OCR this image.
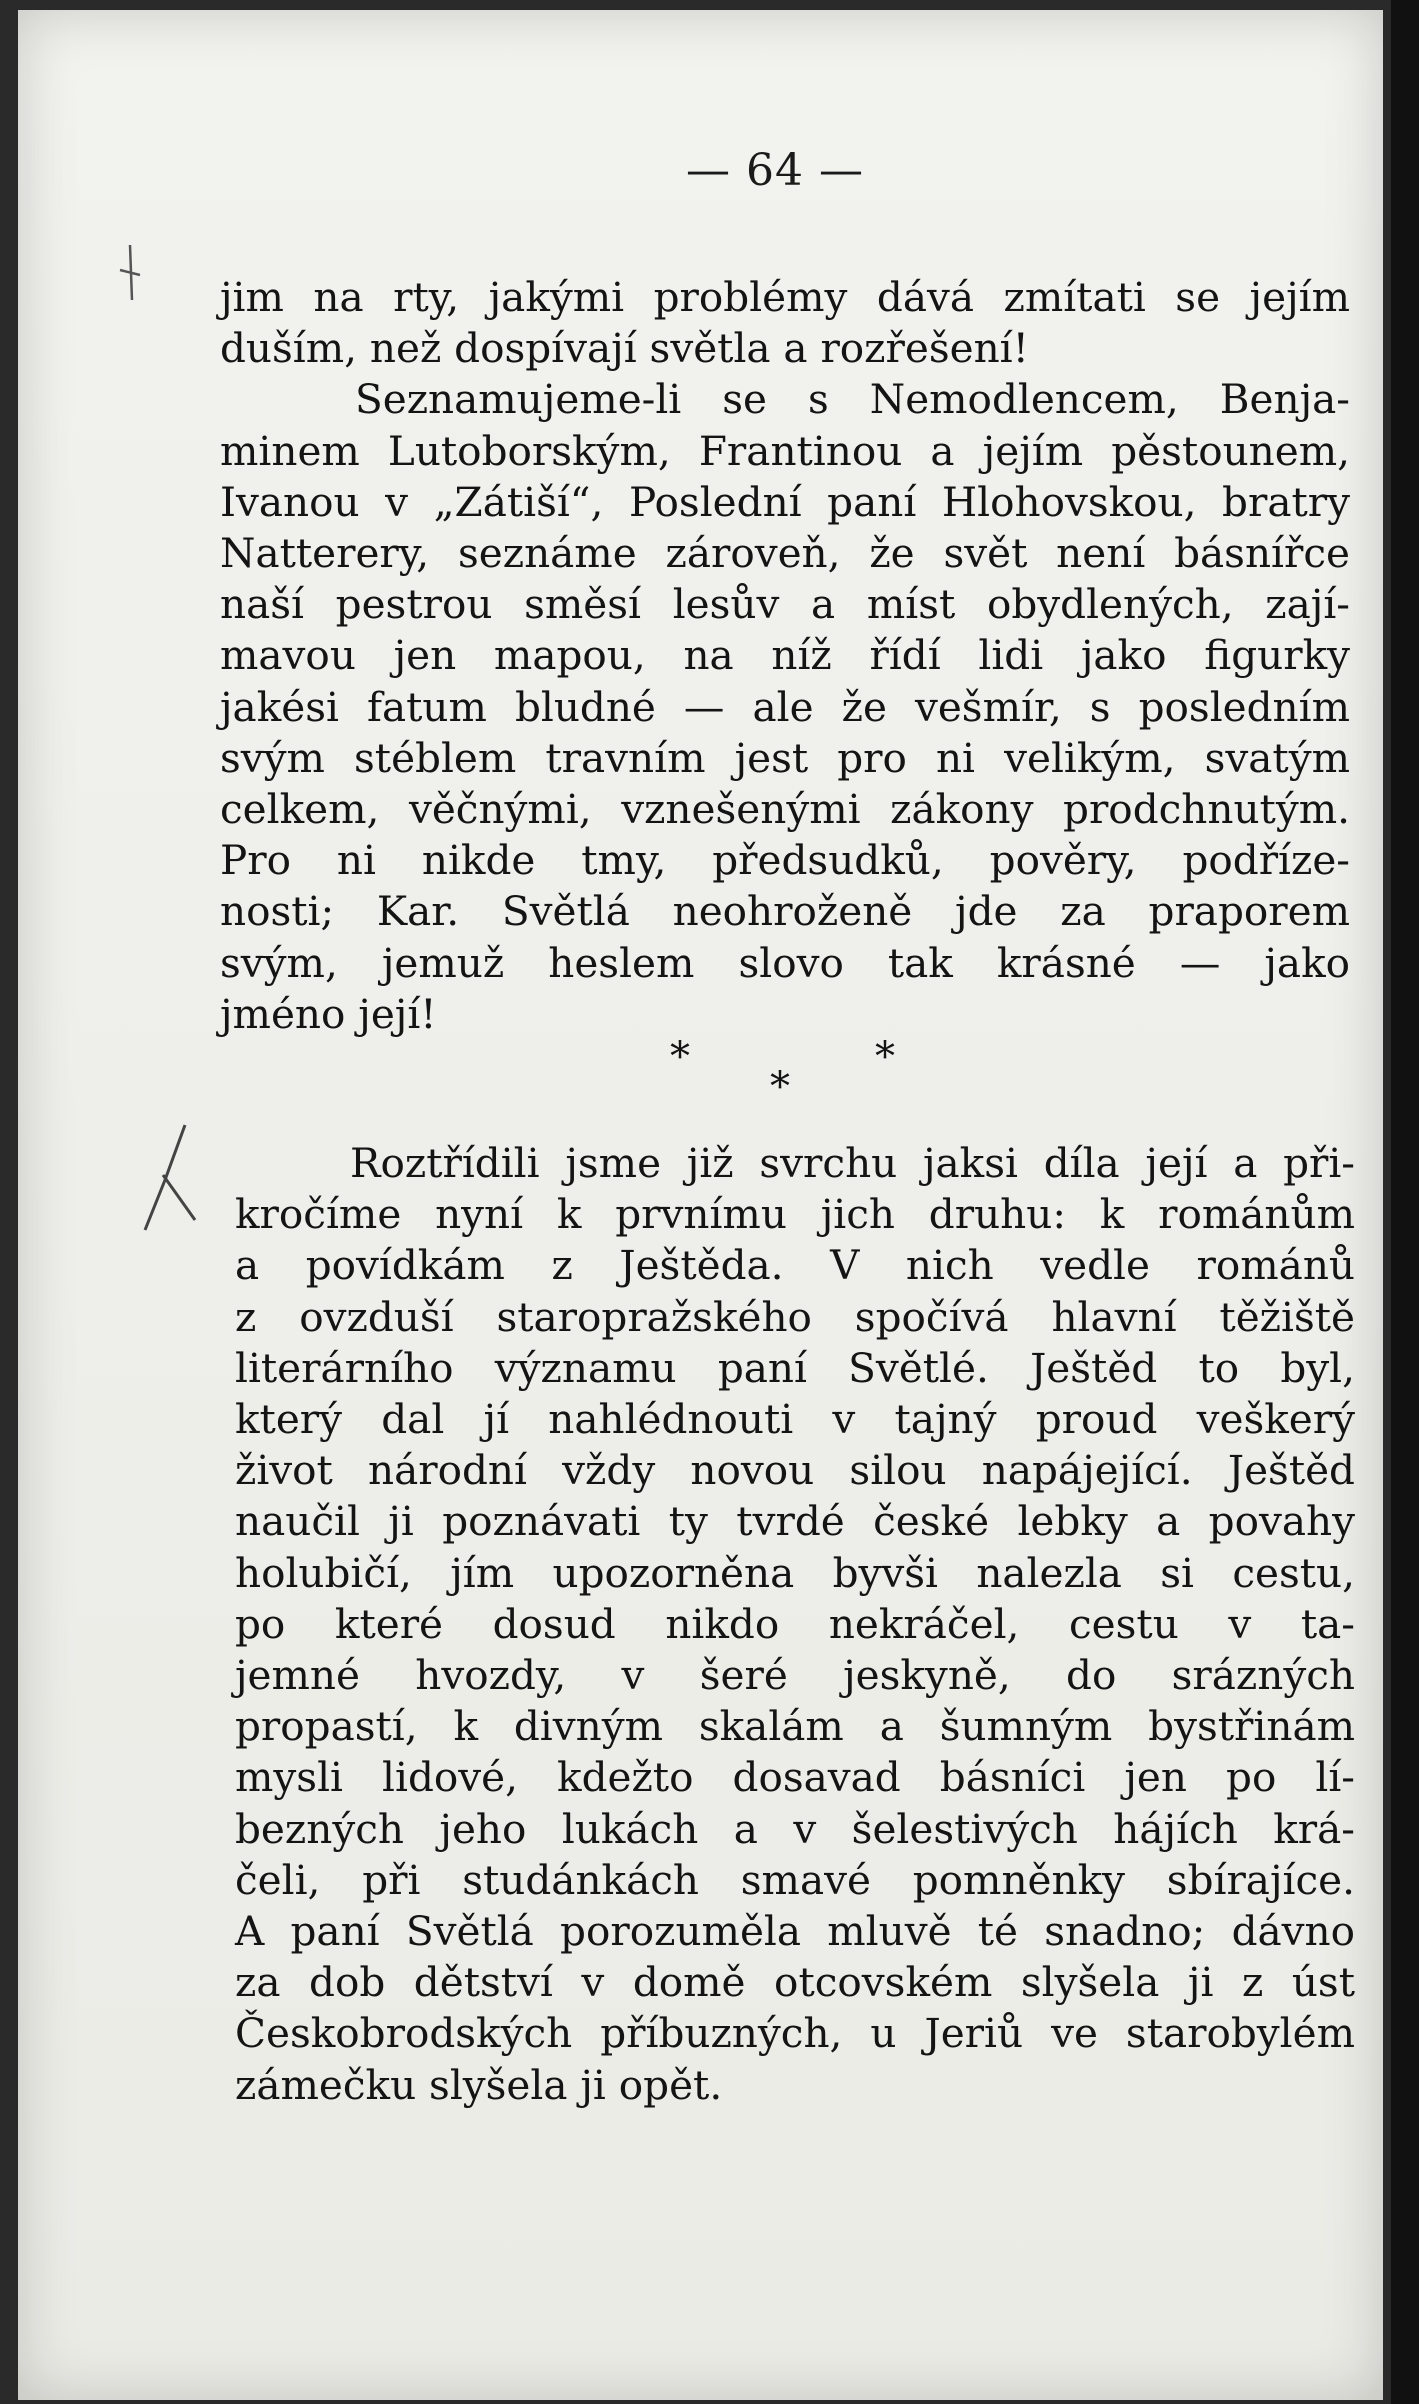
— 64 —
jim na rty, jakými problémy dává zmítati se jejím
duším, než dospívají světla a rozřešení!
Seznamujeme-li se s Nemodlencem, Benja-
minem Lutoborským, Frantinou a jejím pěstounem,
Ivanou v „Zátiší“, Poslední paní Hlohovskou, bratry
Natterery, seznáme zároveň, že svět není básnířce
naší pestrou směsí lesův a míst obydlených, zají-
mavou jen mapou, na níž řídí lidi jako figurky
jakési fatum bludné — ale že vešmír, s posledním
svým stéblem travním jest pro ni velikým, svatým
celkem, věčnými, vznešenými zákony prodchnutým.
Pro ni nikde tmy, předsudků, pověry, podříze-
nosti; Kar. Světlá neohroženě jde za praporem
svým, jemuž heslem slovo tak krásné — jako
jméno její!
*
*
*
Roztřídili jsme již svrchu jaksi díla její a při-
kročíme nyní k prvnímu jich druhu: k románům
a povídkám z Ještěda. V nich vedle románů
z ovzduší staropražského spočívá hlavní těžiště
literárního významu paní Světlé. Ještěd to byl,
který dal jí nahlédnouti v tajný proud veškerý
život národní vždy novou silou napájející. Ještěd
naučil ji poznávati ty tvrdé české lebky a povahy
holubičí, jím upozorněna byvši nalezla si cestu,
po které dosud nikdo nekráčel, cestu v ta-
jemné hvozdy, v šeré jeskyně, do srázných
propastí, k divným skalám a šumným bystřinám
mysli lidové, kdežto dosavad básníci jen po lí-
bezných jeho lukách a v šelestivých hájích krá-
čeli, při studánkách smavé pomněnky sbírajíce.
A paní Světlá porozuměla mluvě té snadno; dávno
za dob dětství v domě otcovském slyšela ji z úst
Českobrodských příbuzných, u Jeriů ve starobylém
zámečku slyšela ji opět.
